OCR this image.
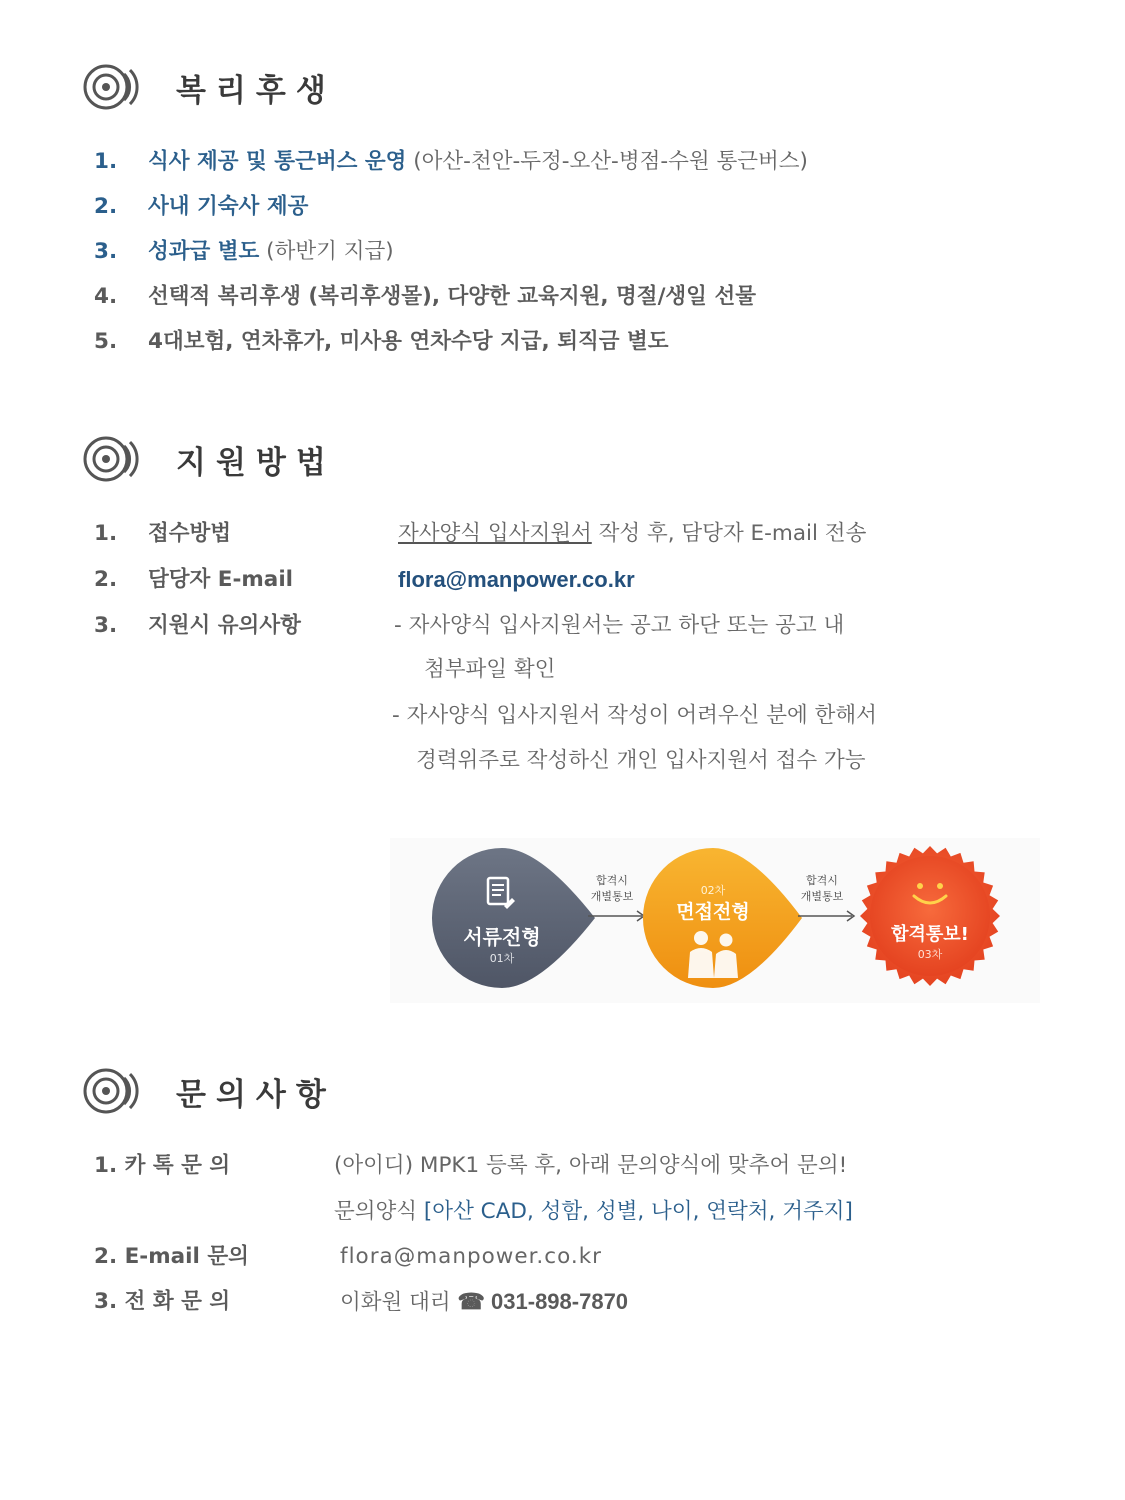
복리후생
1. 식사 제공 및 통근버스 운영 (아산-천안-두정-오산-병점-수원 통근버스)
2. 사내 기숙사 제공
3. 성과급 별도 (하반기 지급)
4. 선택적 복리후생 (복리후생몰), 다양한 교육지원, 명절/생일 선물
5. 4대보험, 연차휴가, 미사용 연차수당 지급, 퇴직금 별도
지원방법
1. 접수방법	자사양식 입사지원서 작성 후, 담당자 E-mail 전송
2. 담당자 E-mail	flora@manpower.co.kr
3. 지원시 유의사항	- 자사양식 입사지원서는 공고 하단 또는 공고 내
첨부파일 확인
- 자사양식 입사지원서 작성이 어려우신 분에 한해서
경력위주로 작성하신 개인 입사지원서 접수 가능
서류전형
01차
합격시
개별통보	02차
면접전형
합격시
개별통보
합격통보!
03차
문의사항
1. 카 톡 문 의	(아이디) MPK1 등록 후, 아래 문의양식에 맞추어 문의!
문의양식 [아산 CAD, 성함, 성별, 나이, 연락처, 거주지]
2. E-mail 문의	flora@manpower.co.kr
3. 전 화 문 의	이화원 대리 ☎ 031-898-7870
